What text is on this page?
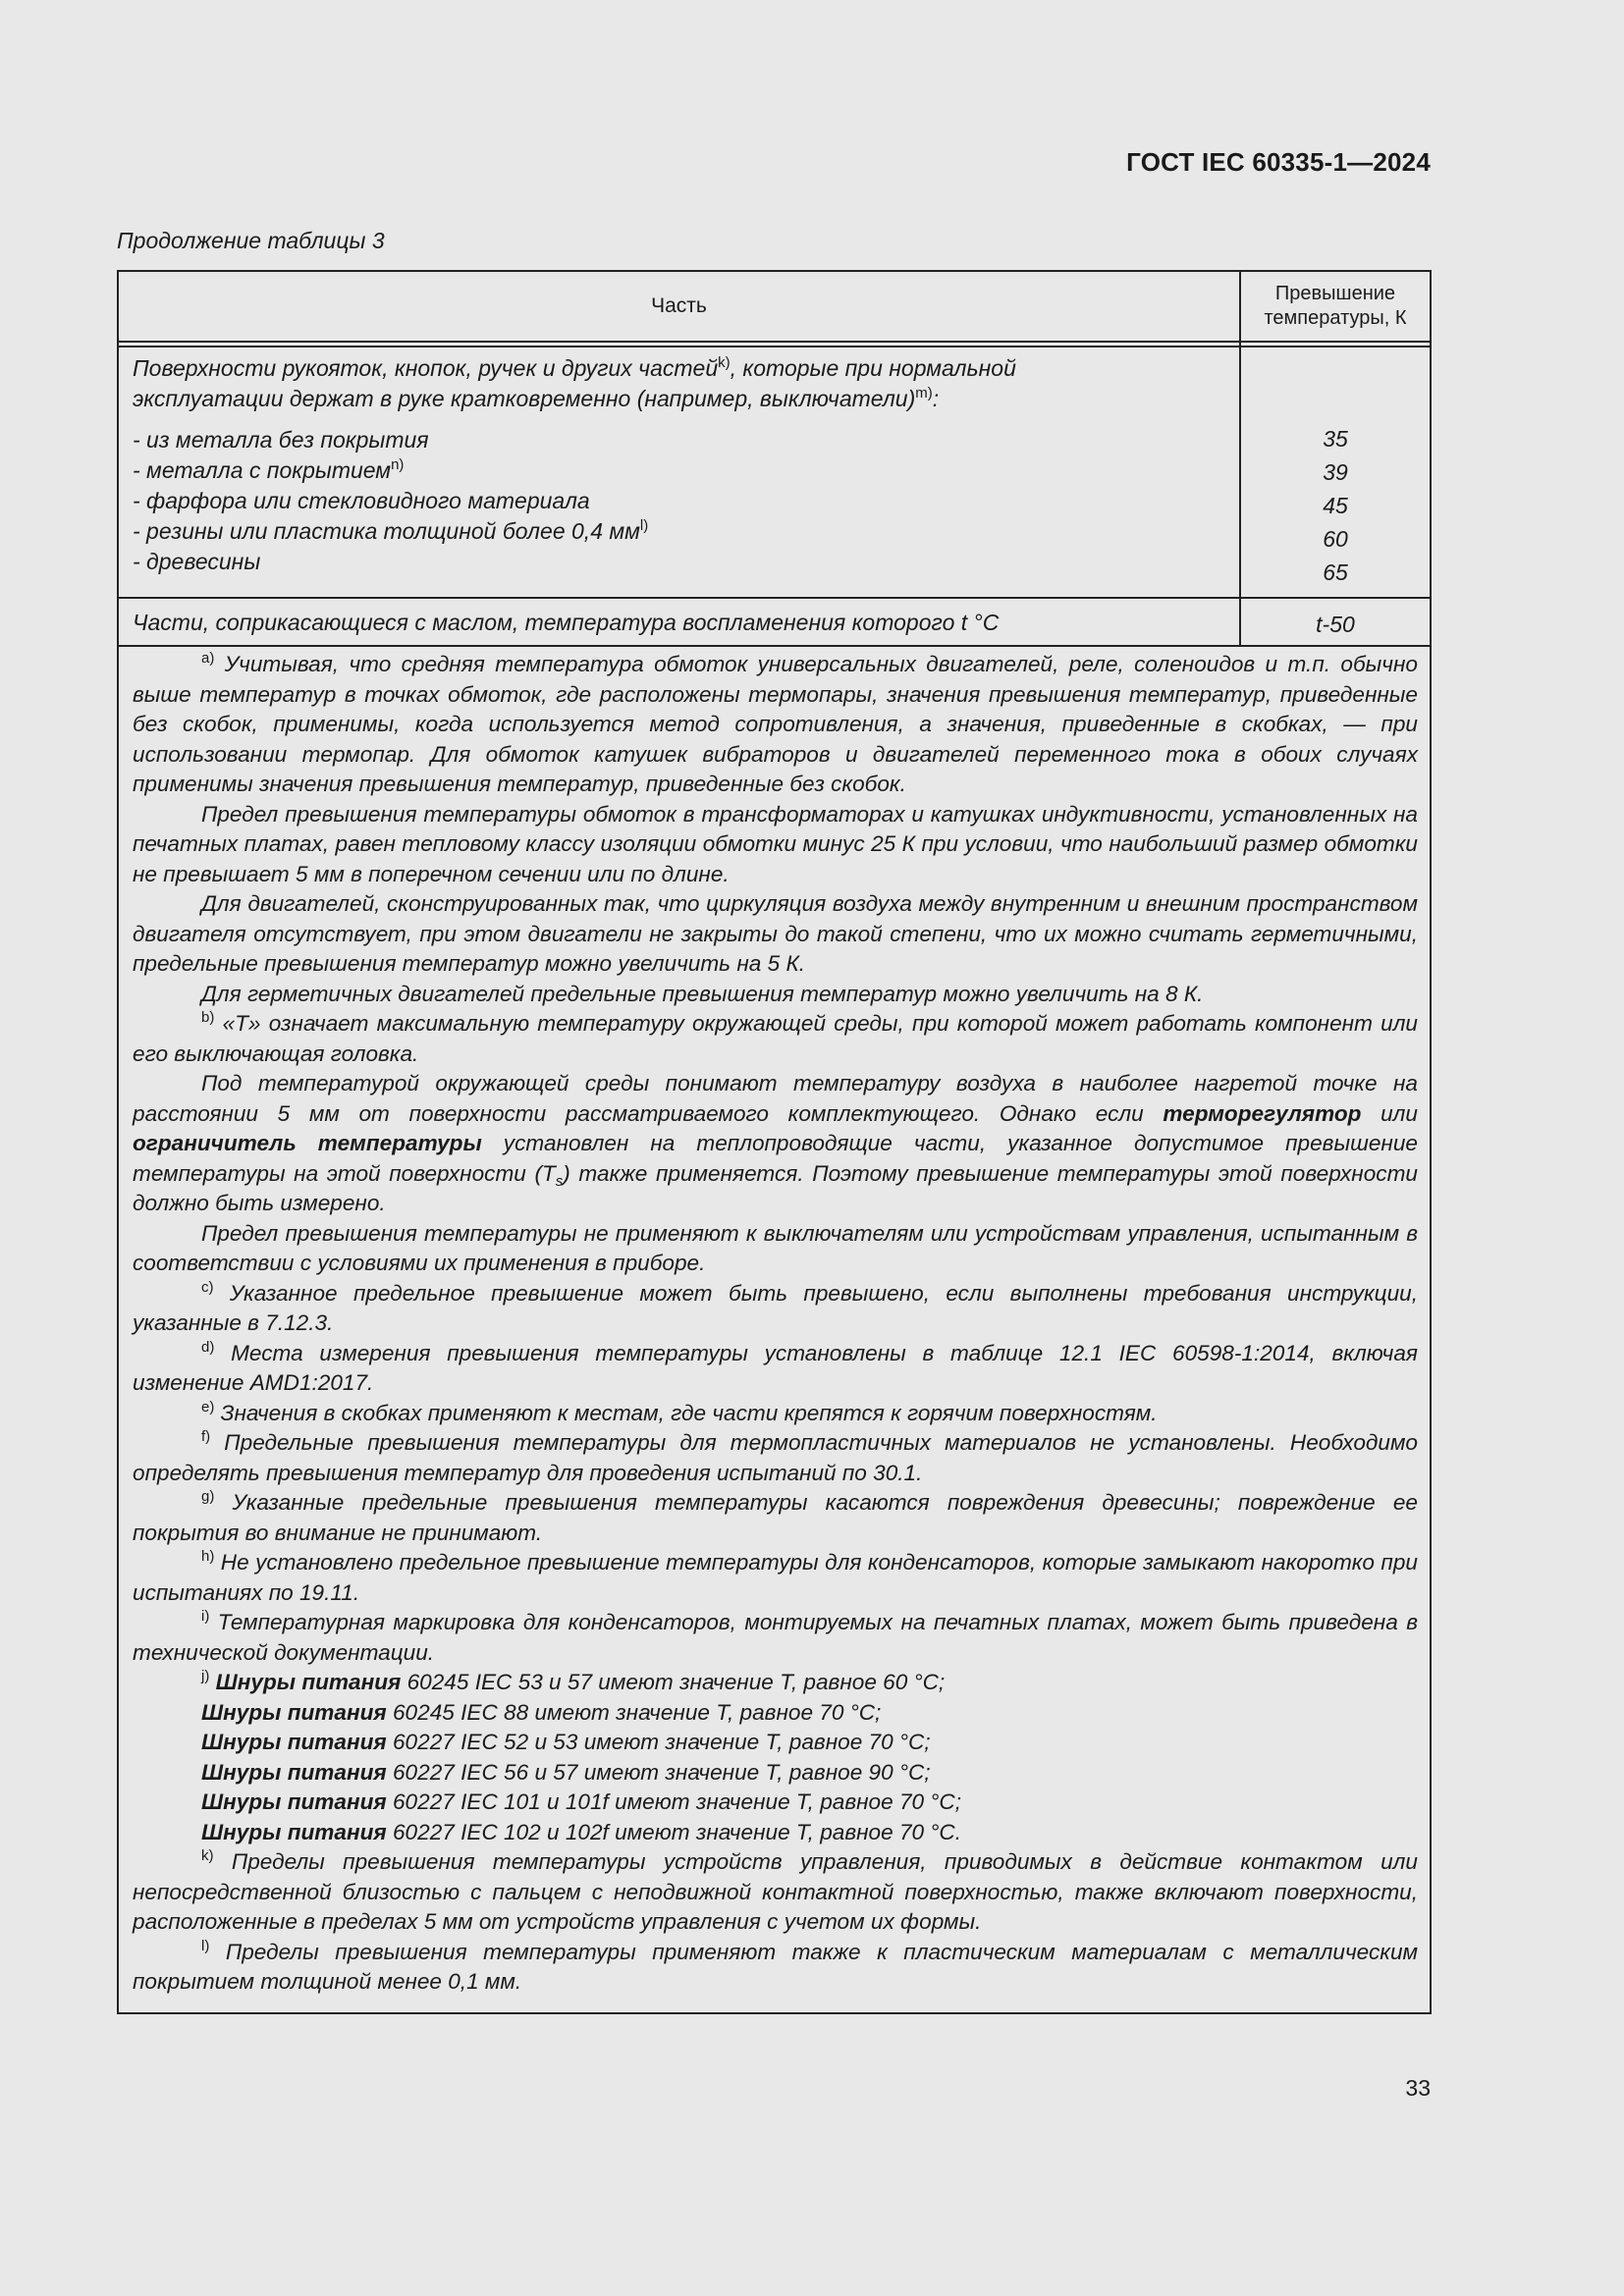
ГОСТ IEC 60335-1—2024
Продолжение таблицы 3
Часть
Превышение
температуры, К
Поверхности рукояток, кнопок, ручек и других частей$^{k)}$, которые при нормальной
эксплуатации держат в руке кратковременно (например, выключатели)$^{m)}$:
- из металла без покрытия
- металла с покрытием$^{n)}$
- фарфора или стекловидного материала
- резины или пластика толщиной более 0,4 $мм^{l)}$
- древесины
35
39
45
60
65
Части, соприкасающиеся с маслом, температура воспламенения которого t °C	t-50

$^{a)}$ Учитывая, что средняя температура обмоток универсальных двигателей, реле, соленоидов и т.п. обычно выше температур в точках обмоток, где расположены термопары, значения превышения температур, приведенные без скобок, применимы, когда используется метод сопротивления, а значения, приведенные в скобках, — при использовании термопар. Для обмоток катушек вибраторов и двигателей переменного тока в обоих случаях применимы значения превышения температур, приведенные без скобок.

Предел превышения температуры обмоток в трансформаторах и катушках индуктивности, установленных на печатных платах, равен тепловому классу изоляции обмотки минус 25 К при условии, что наибольший размер обмотки не превышает 5 мм в поперечном сечении или по длине.

Для двигателей, сконструированных так, что циркуляция воздуха между внутренним и внешним пространством двигателя отсутствует, при этом двигатели не закрыты до такой степени, что их можно считать герметичными, предельные превышения температур можно увеличить на 5 К.

Для герметичных двигателей предельные превышения температур можно увеличить на 8 К.

$^{b)}$ «T» означает максимальную температуру окружающей среды, при которой может работать компонент или его выключающая головка.

Под температурой окружающей среды понимают температуру воздуха в наиболее нагретой точке на расстоянии 5 мм от поверхности рассматриваемого комплектующего. Однако если терморегулятор или ограничитель температуры установлен на теплопроводящие части, указанное допустимое превышение температуры на этой поверхности $(T_s)$ также применяется. Поэтому превышение температуры этой поверхности должно быть измерено.

Предел превышения температуры не применяют к выключателям или устройствам управления, испытанным в соответствии с условиями их применения в приборе.

$^{c)}$ Указанное предельное превышение может быть превышено, если выполнены требования инструкции, указанные в 7.12.3.

$^{d)}$ Места измерения превышения температуры установлены в таблице 12.1 IEC 60598-1:2014, включая изменение AMD1:2017.

$^{e)}$ Значения в скобках применяют к местам, где части крепятся к горячим поверхностям.

$^{f)}$ Предельные превышения температуры для термопластичных материалов не установлены. Необходимо определять превышения температур для проведения испытаний по 30.1.

$^{g)}$ Указанные предельные превышения температуры касаются повреждения древесины; повреждение ее покрытия во внимание не принимают.

$^{h)}$ Не установлено предельное превышение температуры для конденсаторов, которые замыкают накоротко при испытаниях по 19.11.

$^{i)}$ Температурная маркировка для конденсаторов, монтируемых на печатных платах, может быть приведена в технической документации.

$^{j)}$ Шнуры питания 60245 IEC 53 и 57 имеют значение T, равное 60 °C;

Шнуры питания 60245 IEC 88 имеют значение T, равное 70 °C;

Шнуры питания 60227 IEC 52 и 53 имеют значение T, равное 70 °C;

Шнуры питания 60227 IEC 56 и 57 имеют значение T, равное 90 °C;

Шнуры питания 60227 IEC 101 и 101f имеют значение T, равное 70 °C;

Шнуры питания 60227 IEC 102 и 102f имеют значение T, равное 70 °C.

$^{k)}$ Пределы превышения температуры устройств управления, приводимых в действие контактом или непосредственной близостью с пальцем с неподвижной контактной поверхностью, также включают поверхности, расположенные в пределах 5 мм от устройств управления с учетом их формы.

$^{l)}$ Пределы превышения температуры применяют также к пластическим материалам с металлическим покрытием толщиной менее 0,1 мм.

33
